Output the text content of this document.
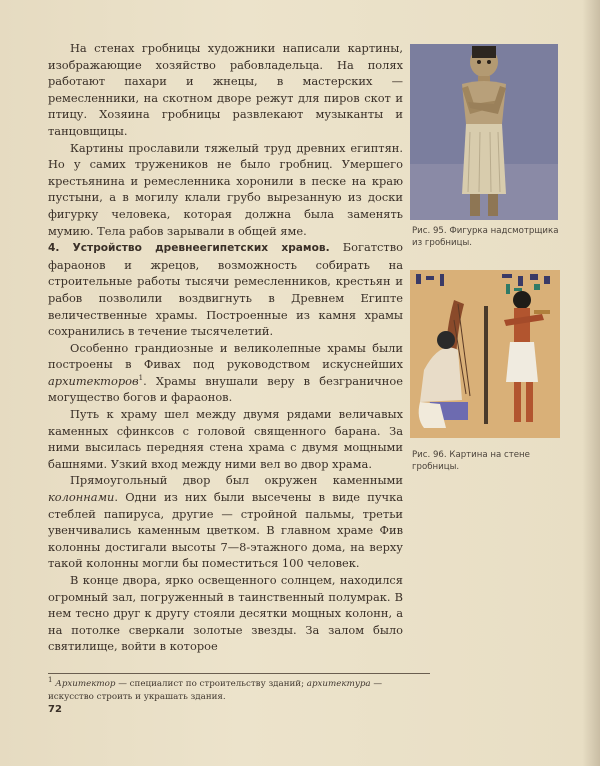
На стенах гробницы художники написали картины, изображающие хозяйство рабовладельца. На полях работают пахари и жнецы, в мастерских — ремесленники, на скотном дворе режут для пиров скот и птицу. Хозяина гробницы развлекают музыканты и танцовщицы.

Картины прославили тяжелый труд древних египтян. Но у самих тружеников не было гробниц. Умершего крестьянина и ремесленника хоронили в песке на краю пустыни, а в могилу клали грубо вырезанную из доски фигурку человека, которая должна была заменять мумию. Тела рабов зарывали в общей яме.

4. Устройство древнеегипетских храмов. Богатство фараонов и жрецов, возможность собирать на строительные работы тысячи ремесленников, крестьян и рабов позволили воздвигнуть в Древнем Египте величественные храмы. Построенные из камня храмы сохранились в течение тысячелетий.

Особенно грандиозные и великолепные храмы были построены в Фивах под руководством искуснейших архитекторов$^1$. Храмы внушали веру в безграничное могущество богов и фараонов.

Путь к храму шел между двумя рядами величавых каменных сфинксов с головой священного барана. За ними высилась передняя стена храма с двумя мощными башнями. Узкий вход между ними вел во двор храма.

Прямоугольный двор был окружен каменными колоннами. Одни из них были высечены в виде пучка стеблей папируса, другие — стройной пальмы, третьи увенчивались каменным цветком. В главном храме Фив колонны достигали высоты 7—8-этажного дома, на верху такой колонны могли бы поместиться 100 человек.

В конце двора, ярко освещенного солнцем, находился огромный зал, погруженный в таинственный полумрак. В нем тесно друг к другу стояли десятки мощных колонн, а на потолке сверкали золотые звезды. За залом было святилище, войти в которое

Рис. 95. Фигурка надсмотрщика из гробницы.
Рис. 96. Картина на стене гробницы.
$^1$ Архитектор — специалист по строительству зданий; архитектура — искусство строить и украшать здания.
72
